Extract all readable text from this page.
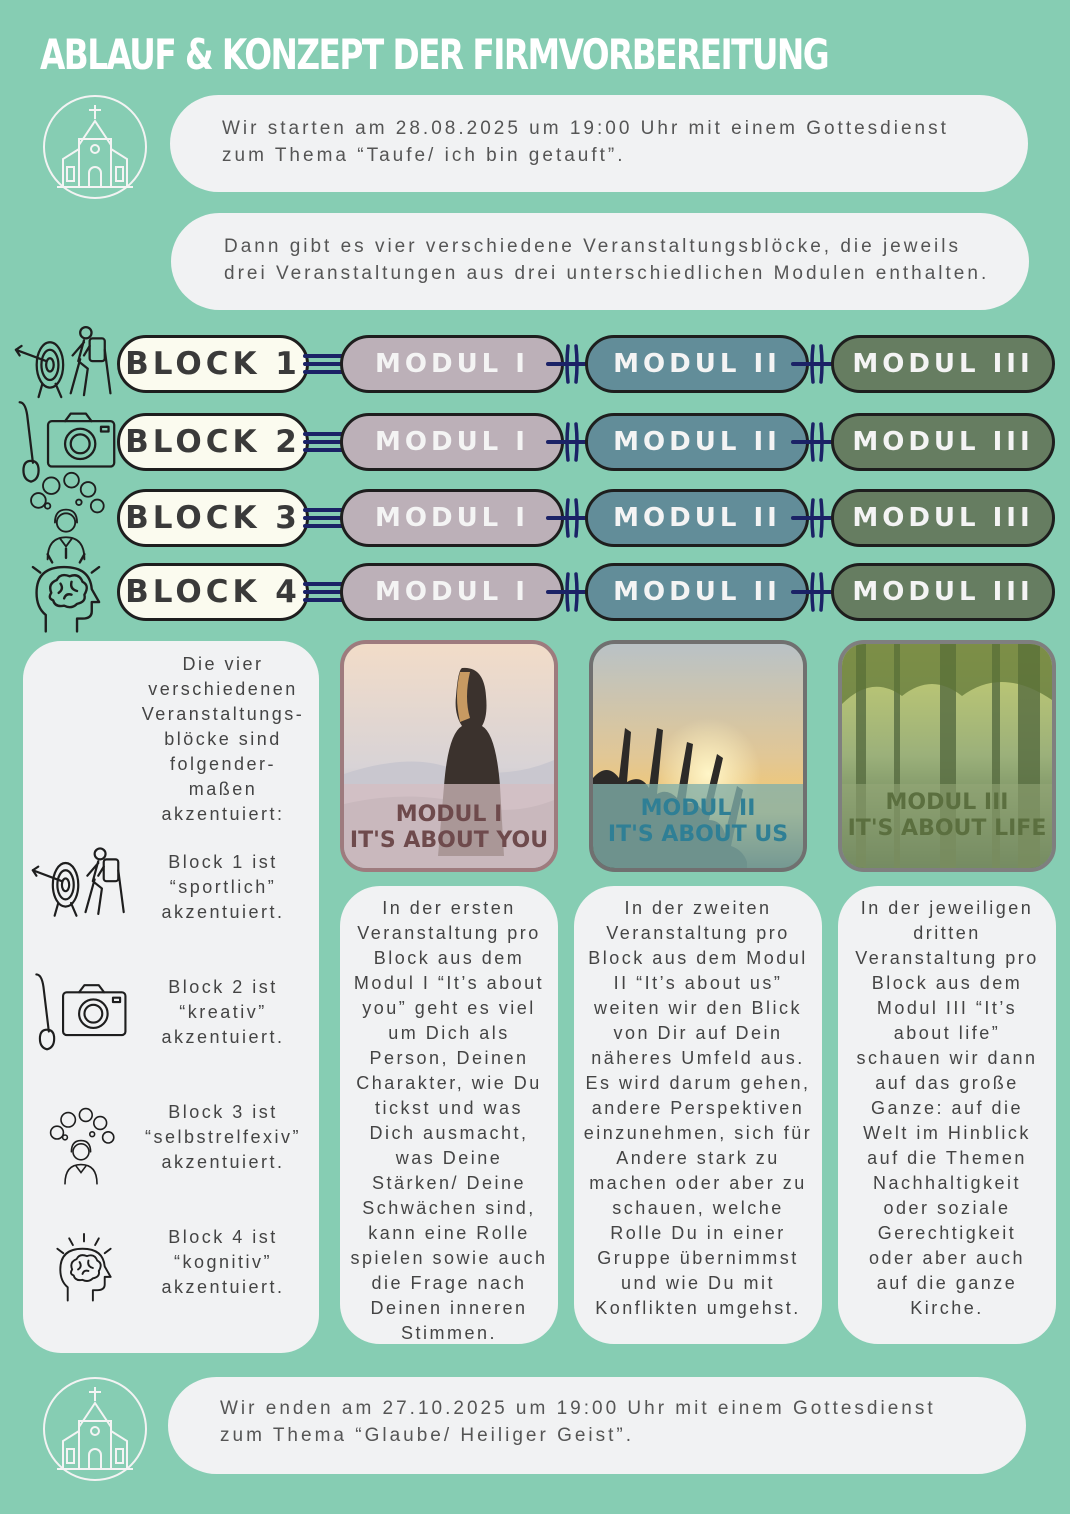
ABLAUF & KONZEPT DER FIRMVORBEREITUNG
Wir starten am 28.08.2025 um 19:00 Uhr mit einem Gottesdienst
zum Thema “Taufe/ ich bin getauft”.
Dann gibt es vier verschiedene Veranstaltungsblöcke, die jeweils
drei Veranstaltungen aus drei unterschiedlichen Modulen enthalten.
BLOCK 1	MODUL I	MODUL II	MODUL III
BLOCK 2	MODUL I	MODUL II	MODUL III
BLOCK 3	MODUL I	MODUL II	MODUL III
BLOCK 4	MODUL I	MODUL II	MODUL III
Die vier
verschiedenen
Veranstaltungs-
blöcke sind
folgender-
maßen
akzentuiert:
Block 1 ist
“sportlich”
akzentuiert.
Block 2 ist
“kreativ”
akzentuiert.
Block 3 ist
“selbstrelfexiv”
akzentuiert.
Block 4 ist
“kognitiv”
akzentuiert.
MODUL I
IT'S ABOUT YOU
MODUL II
IT'S ABOUT US
MODUL III
IT'S ABOUT LIFE
In der ersten
Veranstaltung pro
Block aus dem
Modul I “It’s about
you” geht es viel
um Dich als
Person, Deinen
Charakter, wie Du
tickst und was
Dich ausmacht,
was Deine
Stärken/ Deine
Schwächen sind,
kann eine Rolle
spielen sowie auch
die Frage nach
Deinen inneren
Stimmen.
In der zweiten
Veranstaltung pro
Block aus dem Modul
II “It’s about us”
weiten wir den Blick
von Dir auf Dein
näheres Umfeld aus.
Es wird darum gehen,
andere Perspektiven
einzunehmen, sich für
Andere stark zu
machen oder aber zu
schauen, welche
Rolle Du in einer
Gruppe übernimmst
und wie Du mit
Konflikten umgehst.
In der jeweiligen
dritten
Veranstaltung pro
Block aus dem
Modul III “It’s
about life”
schauen wir dann
auf das große
Ganze: auf die
Welt im Hinblick
auf die Themen
Nachhaltigkeit
oder soziale
Gerechtigkeit
oder aber auch
auf die ganze
Kirche.
Wir enden am 27.10.2025 um 19:00 Uhr mit einem Gottesdienst
zum Thema “Glaube/ Heiliger Geist”.
